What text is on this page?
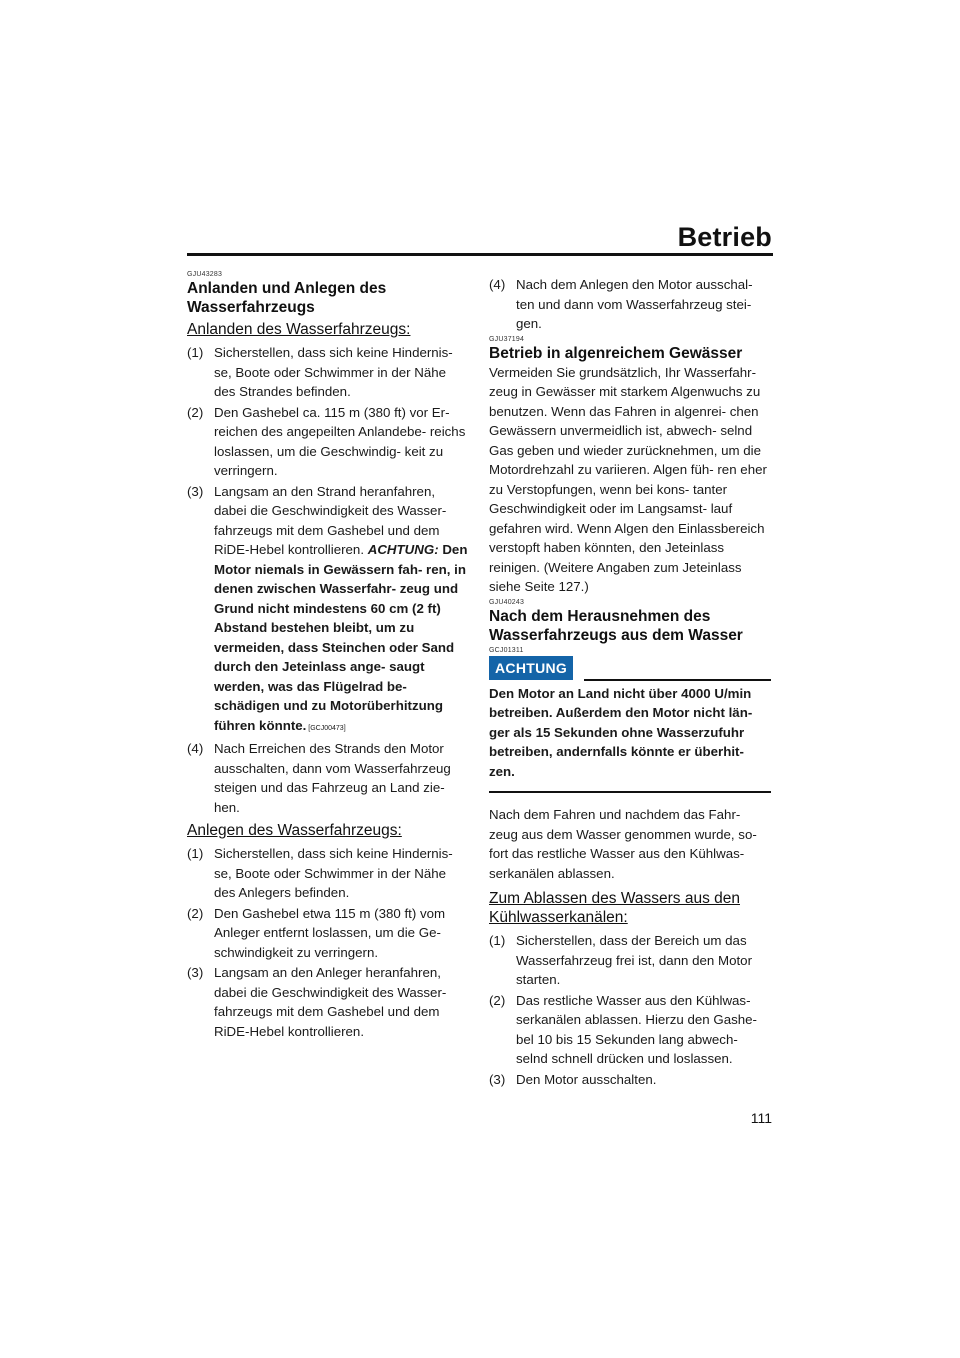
Betrieb
GJU43283
Anlanden und Anlegen des Wasserfahrzeugs
Anlanden des Wasserfahrzeugs:
(1) Sicherstellen, dass sich keine Hindernis- se, Boote oder Schwimmer in der Nähe des Strandes befinden.
(2) Den Gashebel ca. 115 m (380 ft) vor Er- reichen des angepeilten Anlandebe- reichs loslassen, um die Geschwindig- keit zu verringern.
(3) Langsam an den Strand heranfahren, dabei die Geschwindigkeit des Wasser- fahrzeugs mit dem Gashebel und dem RiDE-Hebel kontrollieren. ACHTUNG: Den Motor niemals in Gewässern fah- ren, in denen zwischen Wasserfahr- zeug und Grund nicht mindestens 60 cm (2 ft) Abstand bestehen bleibt, um zu vermeiden, dass Steinchen oder Sand durch den Jeteinlass ange- saugt werden, was das Flügelrad be- schädigen und zu Motorüberhitzung führen könnte. [GCJ00473]
(4) Nach Erreichen des Strands den Motor ausschalten, dann vom Wasserfahrzeug steigen und das Fahrzeug an Land zie- hen.
Anlegen des Wasserfahrzeugs:
(1) Sicherstellen, dass sich keine Hindernis- se, Boote oder Schwimmer in der Nähe des Anlegers befinden.
(2) Den Gashebel etwa 115 m (380 ft) vom Anleger entfernt loslassen, um die Ge- schwindigkeit zu verringern.
(3) Langsam an den Anleger heranfahren, dabei die Geschwindigkeit des Wasser- fahrzeugs mit dem Gashebel und dem RiDE-Hebel kontrollieren.
(4) Nach dem Anlegen den Motor ausschal- ten und dann vom Wasserfahrzeug stei- gen.
GJU37194
Betrieb in algenreichem Gewässer

Vermeiden Sie grundsätzlich, Ihr Wasserfahr- zeug in Gewässer mit starkem Algenwuchs zu benutzen. Wenn das Fahren in algenrei- chen Gewässern unvermeidlich ist, abwech- selnd Gas geben und wieder zurücknehmen, um die Motordrehzahl zu variieren. Algen füh- ren eher zu Verstopfungen, wenn bei kons- tanter Geschwindigkeit oder im Langsamst- lauf gefahren wird. Wenn Algen den Einlassbereich verstopft haben könnten, den Jeteinlass reinigen. (Weitere Angaben zum Jeteinlass siehe Seite 127.)

GJU40243
Nach dem Herausnehmen des Wasserfahrzeugs aus dem Wasser
GCJ01311
ACHTUNG

Den Motor an Land nicht über 4000 U/min betreiben. Außerdem den Motor nicht län- ger als 15 Sekunden ohne Wasserzufuhr betreiben, andernfalls könnte er überhit- zen.

Nach dem Fahren und nachdem das Fahr- zeug aus dem Wasser genommen wurde, so- fort das restliche Wasser aus den Kühlwas- serkanälen ablassen.

Zum Ablassen des Wassers aus den Kühlwasserkanälen:
(1) Sicherstellen, dass der Bereich um das Wasserfahrzeug frei ist, dann den Motor starten.
(2) Das restliche Wasser aus den Kühlwas- serkanälen ablassen. Hierzu den Gashe- bel 10 bis 15 Sekunden lang abwech- selnd schnell drücken und loslassen.
(3) Den Motor ausschalten.
111
